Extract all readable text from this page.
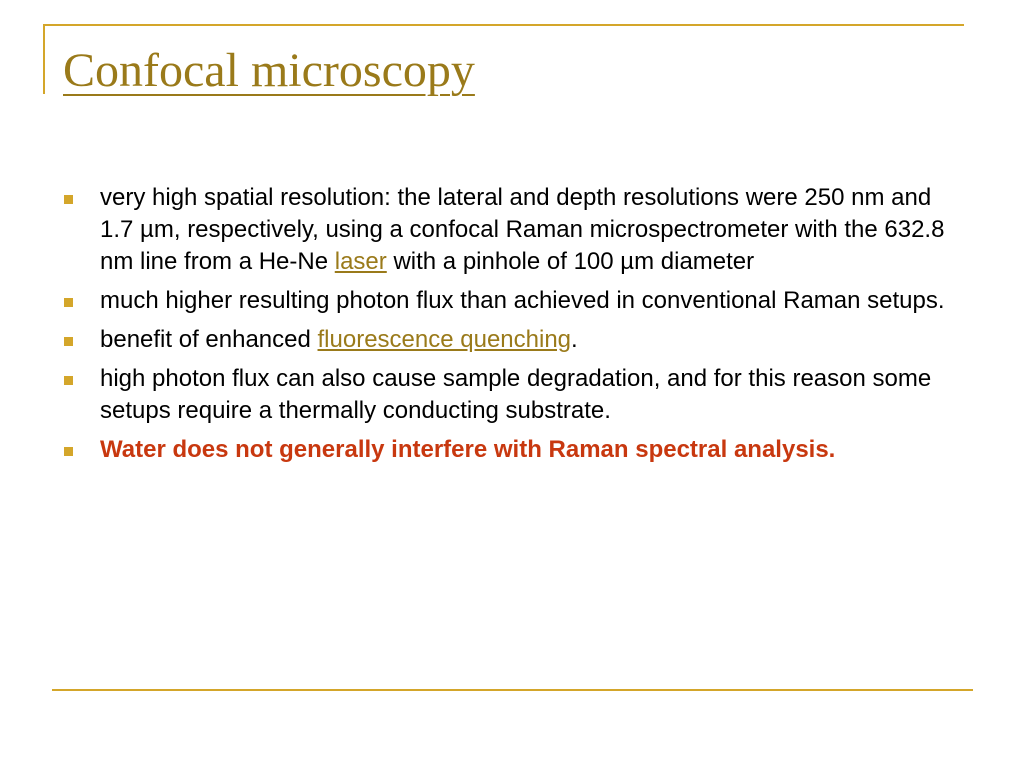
Confocal microscopy
very high spatial resolution: the lateral and depth resolutions were 250 nm and 1.7 µm, respectively, using a confocal Raman microspectrometer with the 632.8 nm line from a He-Ne laser with a pinhole of 100 µm diameter
much higher resulting photon flux than achieved in conventional Raman setups.
benefit of enhanced fluorescence quenching.
high photon flux can also cause sample degradation, and for this reason some setups require a thermally conducting substrate.
Water does not generally interfere with Raman spectral analysis.
